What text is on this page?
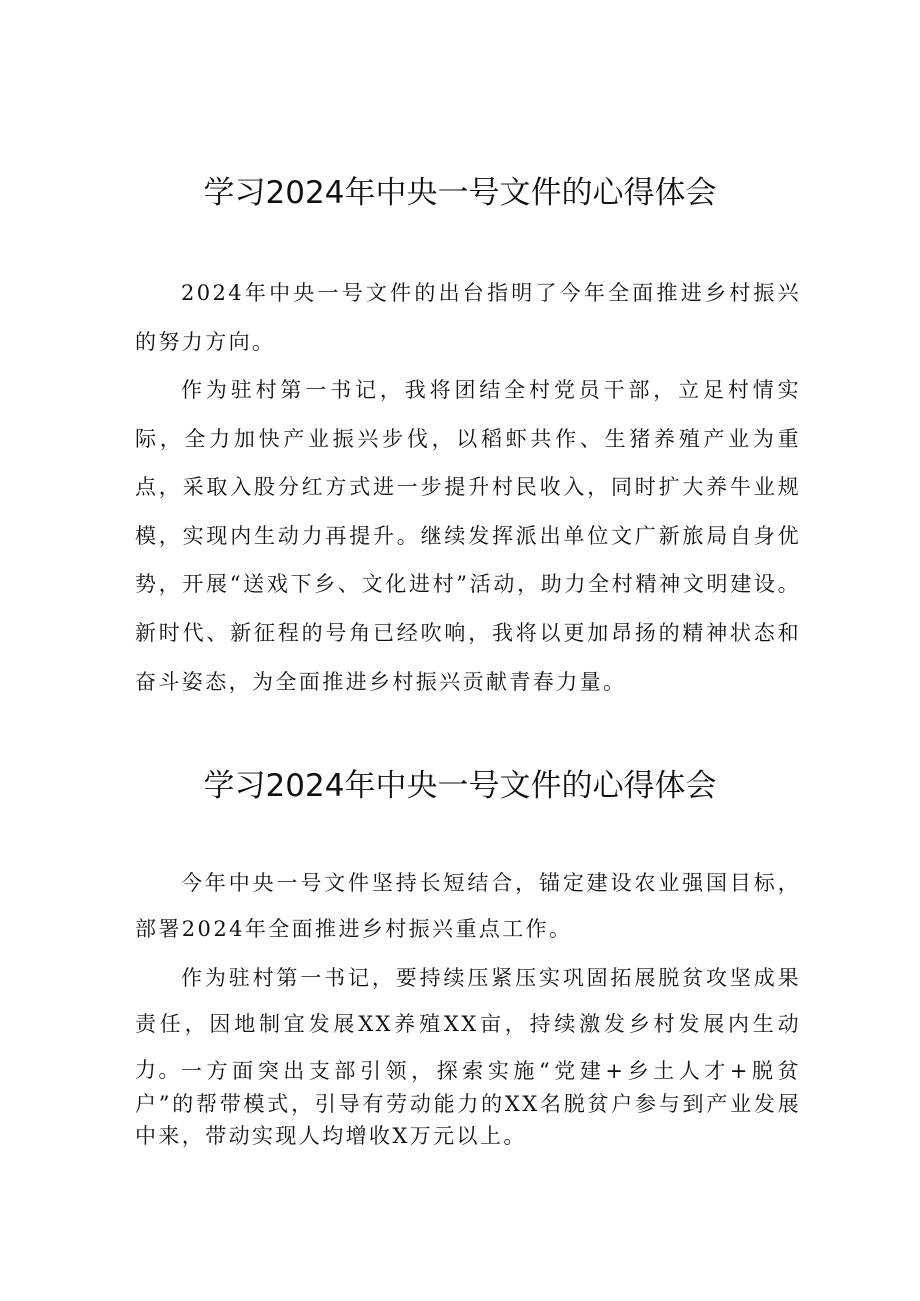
学习2024年中央一号文件的心得体会

2024年中央一号文件的出台指明了今年全面推进乡村振兴的努力方向。

作为驻村第一书记，我将团结全村党员干部，立足村情实际，全力加快产业振兴步伐，以稻虾共作、生猪养殖产业为重点，采取入股分红方式进一步提升村民收入，同时扩大养牛业规模，实现内生动力再提升。继续发挥派出单位文广新旅局自身优势，开展“送戏下乡、文化进村”活动，助力全村精神文明建设。新时代、新征程的号角已经吹响，我将以更加昂扬的精神状态和奋斗姿态，为全面推进乡村振兴贡献青春力量。

学习2024年中央一号文件的心得体会

今年中央一号文件坚持长短结合，锚定建设农业强国目标，部署2024年全面推进乡村振兴重点工作。

作为驻村第一书记，要持续压紧压实巩固拓展脱贫攻坚成果责任，因地制宜发展XX养殖XX亩，持续激发乡村发展内生动力。 一方面突出支部引领，探索实施“党建+乡土人才+脱贫户”的帮带模式，引导有劳动能力的XX名脱贫户参与到产业发展中来，带动实现人均增收X万元以上。
